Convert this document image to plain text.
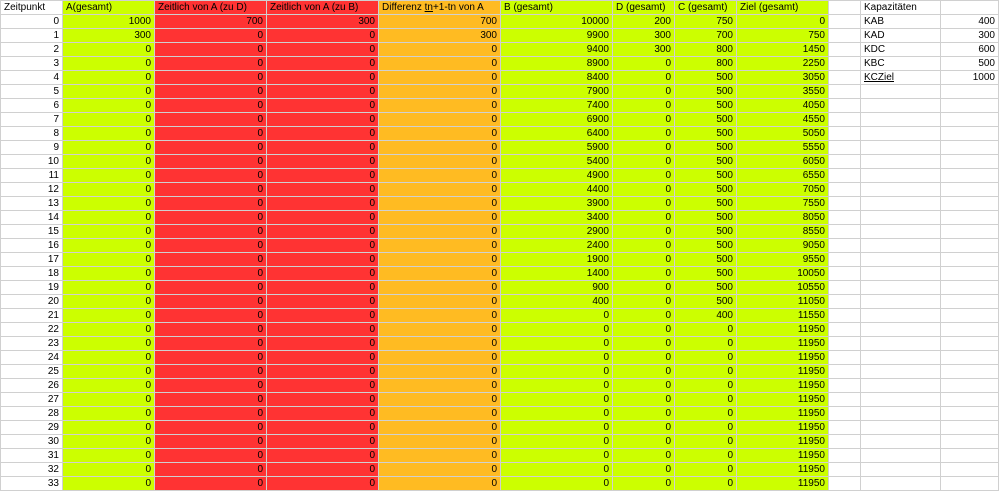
Zeitpunkt	A(gesamt)	Zeitlich von A (zu D)	Zeitlich von A (zu B)	Differenz tn+1-tn von A	B (gesamt)	D (gesamt)	C (gesamt)	Ziel (gesamt)
0	1000	700	300	700	10000	200	750	0
1	300	0	0	300	9900	300	700	750
2	0	0	0	0	9400	300	800	1450
3	0	0	0	0	8900	0	800	2250
4	0	0	0	0	8400	0	500	3050
5	0	0	0	0	7900	0	500	3550
6	0	0	0	0	7400	0	500	4050
7	0	0	0	0	6900	0	500	4550
8	0	0	0	0	6400	0	500	5050
9	0	0	0	0	5900	0	500	5550
10	0	0	0	0	5400	0	500	6050
11	0	0	0	0	4900	0	500	6550
12	0	0	0	0	4400	0	500	7050
13	0	0	0	0	3900	0	500	7550
14	0	0	0	0	3400	0	500	8050
15	0	0	0	0	2900	0	500	8550
16	0	0	0	0	2400	0	500	9050
17	0	0	0	0	1900	0	500	9550
18	0	0	0	0	1400	0	500	10050
19	0	0	0	0	900	0	500	10550
20	0	0	0	0	400	0	500	11050
21	0	0	0	0	0	0	400	11550
22	0	0	0	0	0	0	0	11950
23	0	0	0	0	0	0	0	11950
24	0	0	0	0	0	0	0	11950
25	0	0	0	0	0	0	0	11950
26	0	0	0	0	0	0	0	11950
27	0	0	0	0	0	0	0	11950
28	0	0	0	0	0	0	0	11950
29	0	0	0	0	0	0	0	11950
30	0	0	0	0	0	0	0	11950
31	0	0	0	0	0	0	0	11950
32	0	0	0	0	0	0	0	11950
33	0	0	0	0	0	0	0	11950

Kapazitäten	
KAB	400
KAD	300
KDC	600
KBC	500
KCZiel	1000
